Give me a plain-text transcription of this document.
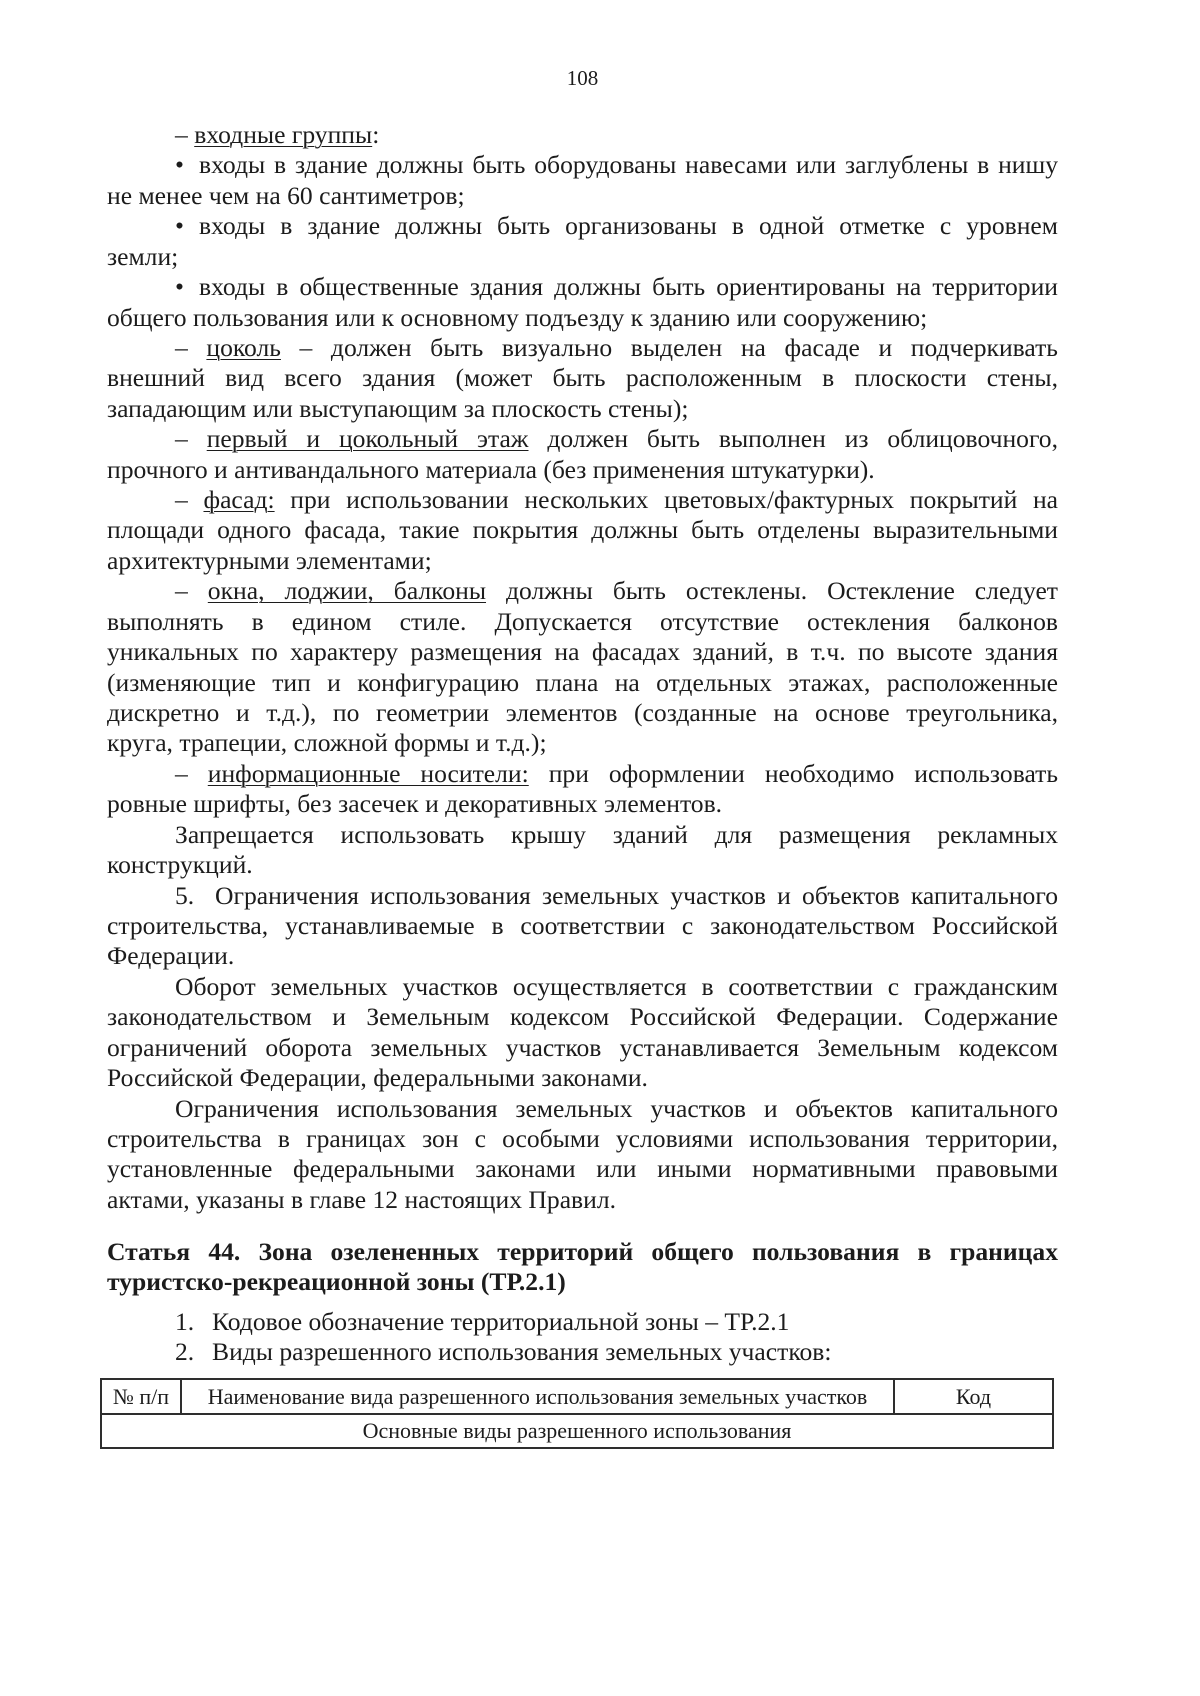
108
– входные группы:
• входы в здание должны быть оборудованы навесами или заглублены в нишу
не менее чем на 60 сантиметров;
• входы в здание должны быть организованы в одной отметке с уровнем
земли;
• входы в общественные здания должны быть ориентированы на территории
общего пользования или к основному подъезду к зданию или сооружению;
– цоколь – должен быть визуально выделен на фасаде и подчеркивать
внешний вид всего здания (может быть расположенным в плоскости стены,
западающим или выступающим за плоскость стены);
– первый и цокольный этаж должен быть выполнен из облицовочного,
прочного и антивандального материала (без применения штукатурки).
– фасад: при использовании нескольких цветовых/фактурных покрытий на
площади одного фасада, такие покрытия должны быть отделены выразительными
архитектурными элементами;
– окна, лоджии, балконы должны быть остеклены. Остекление следует
выполнять в едином стиле. Допускается отсутствие остекления балконов
уникальных по характеру размещения на фасадах зданий, в т.ч. по высоте здания
(изменяющие тип и конфигурацию плана на отдельных этажах, расположенные
дискретно и т.д.), по геометрии элементов (созданные на основе треугольника,
круга, трапеции, сложной формы и т.д.);
– информационные носители: при оформлении необходимо использовать
ровные шрифты, без засечек и декоративных элементов.
Запрещается использовать крышу зданий для размещения рекламных
конструкций.
5. Ограничения использования земельных участков и объектов капитального
строительства, устанавливаемые в соответствии с законодательством Российской
Федерации.
Оборот земельных участков осуществляется в соответствии с гражданским
законодательством и Земельным кодексом Российской Федерации. Содержание
ограничений оборота земельных участков устанавливается Земельным кодексом
Российской Федерации, федеральными законами.
Ограничения использования земельных участков и объектов капитального
строительства в границах зон с особыми условиями использования территории,
установленные федеральными законами или иными нормативными правовыми
актами, указаны в главе 12 настоящих Правил.
Статья 44. Зона озелененных территорий общего пользования в границах
туристско-рекреационной зоны (ТР.2.1)
1. Кодовое обозначение территориальной зоны – ТР.2.1
2. Виды разрешенного использования земельных участков:
№ п/п	Наименование вида разрешенного использования земельных участков	Код
Основные виды разрешенного использования
